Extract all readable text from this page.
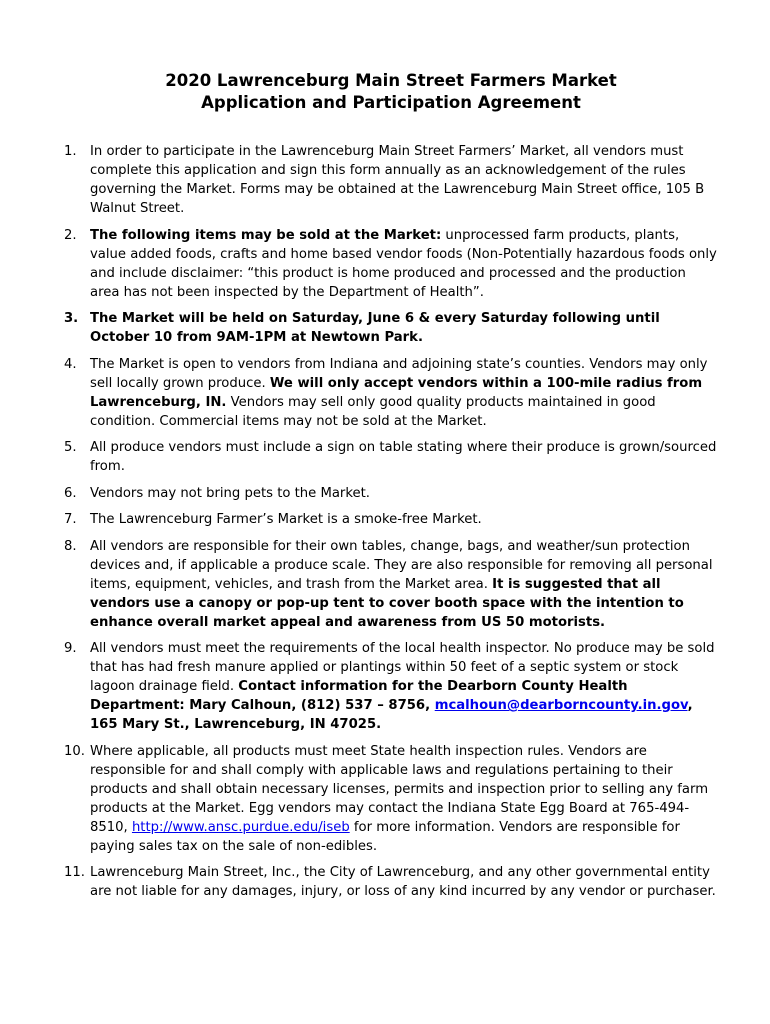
2020 Lawrenceburg Main Street Farmers Market
Application and Participation Agreement
1.	In order to participate in the Lawrenceburg Main Street Farmers’ Market, all vendors must complete this application and sign this form annually as an acknowledgement of the rules governing the Market. Forms may be obtained at the Lawrenceburg Main Street office, 105 B Walnut Street.
2.	The following items may be sold at the Market: unprocessed farm products, plants, value added foods, crafts and home based vendor foods (Non-Potentially hazardous foods only and include disclaimer: “this product is home produced and processed and the production area has not been inspected by the Department of Health”.
3. The Market will be held on Saturday, June 6 & every Saturday following until October 10 from 9AM-1PM at Newtown Park.
4.	The Market is open to vendors from Indiana and adjoining state’s counties. Vendors may only sell locally grown produce. We will only accept vendors within a 100-mile radius from Lawrenceburg, IN. Vendors may sell only good quality products maintained in good condition. Commercial items may not be sold at the Market.
5.	All produce vendors must include a sign on table stating where their produce is grown/sourced from.
6.	Vendors may not bring pets to the Market.
7.	The Lawrenceburg Farmer’s Market is a smoke-free Market.
8.	All vendors are responsible for their own tables, change, bags, and weather/sun protection devices and, if applicable a produce scale. They are also responsible for removing all personal items, equipment, vehicles, and trash from the Market area. It is suggested that all vendors use a canopy or pop-up tent to cover booth space with the intention to enhance overall market appeal and awareness from US 50 motorists.
9.	All vendors must meet the requirements of the local health inspector. No produce may be sold that has had fresh manure applied or plantings within 50 feet of a septic system or stock lagoon drainage field. Contact information for the Dearborn County Health Department: Mary Calhoun, (812) 537 – 8756, mcalhoun@dearborncounty.in.gov, 165 Mary St., Lawrenceburg, IN 47025.
10. Where applicable, all products must meet State health inspection rules. Vendors are responsible for and shall comply with applicable laws and regulations pertaining to their products and shall obtain necessary licenses, permits and inspection prior to selling any farm products at the Market. Egg vendors may contact the Indiana State Egg Board at 765-494-8510, http://www.ansc.purdue.edu/iseb for more information. Vendors are responsible for paying sales tax on the sale of non-edibles.
11. Lawrenceburg Main Street, Inc., the City of Lawrenceburg, and any other governmental entity are not liable for any damages, injury, or loss of any kind incurred by any vendor or purchaser.
